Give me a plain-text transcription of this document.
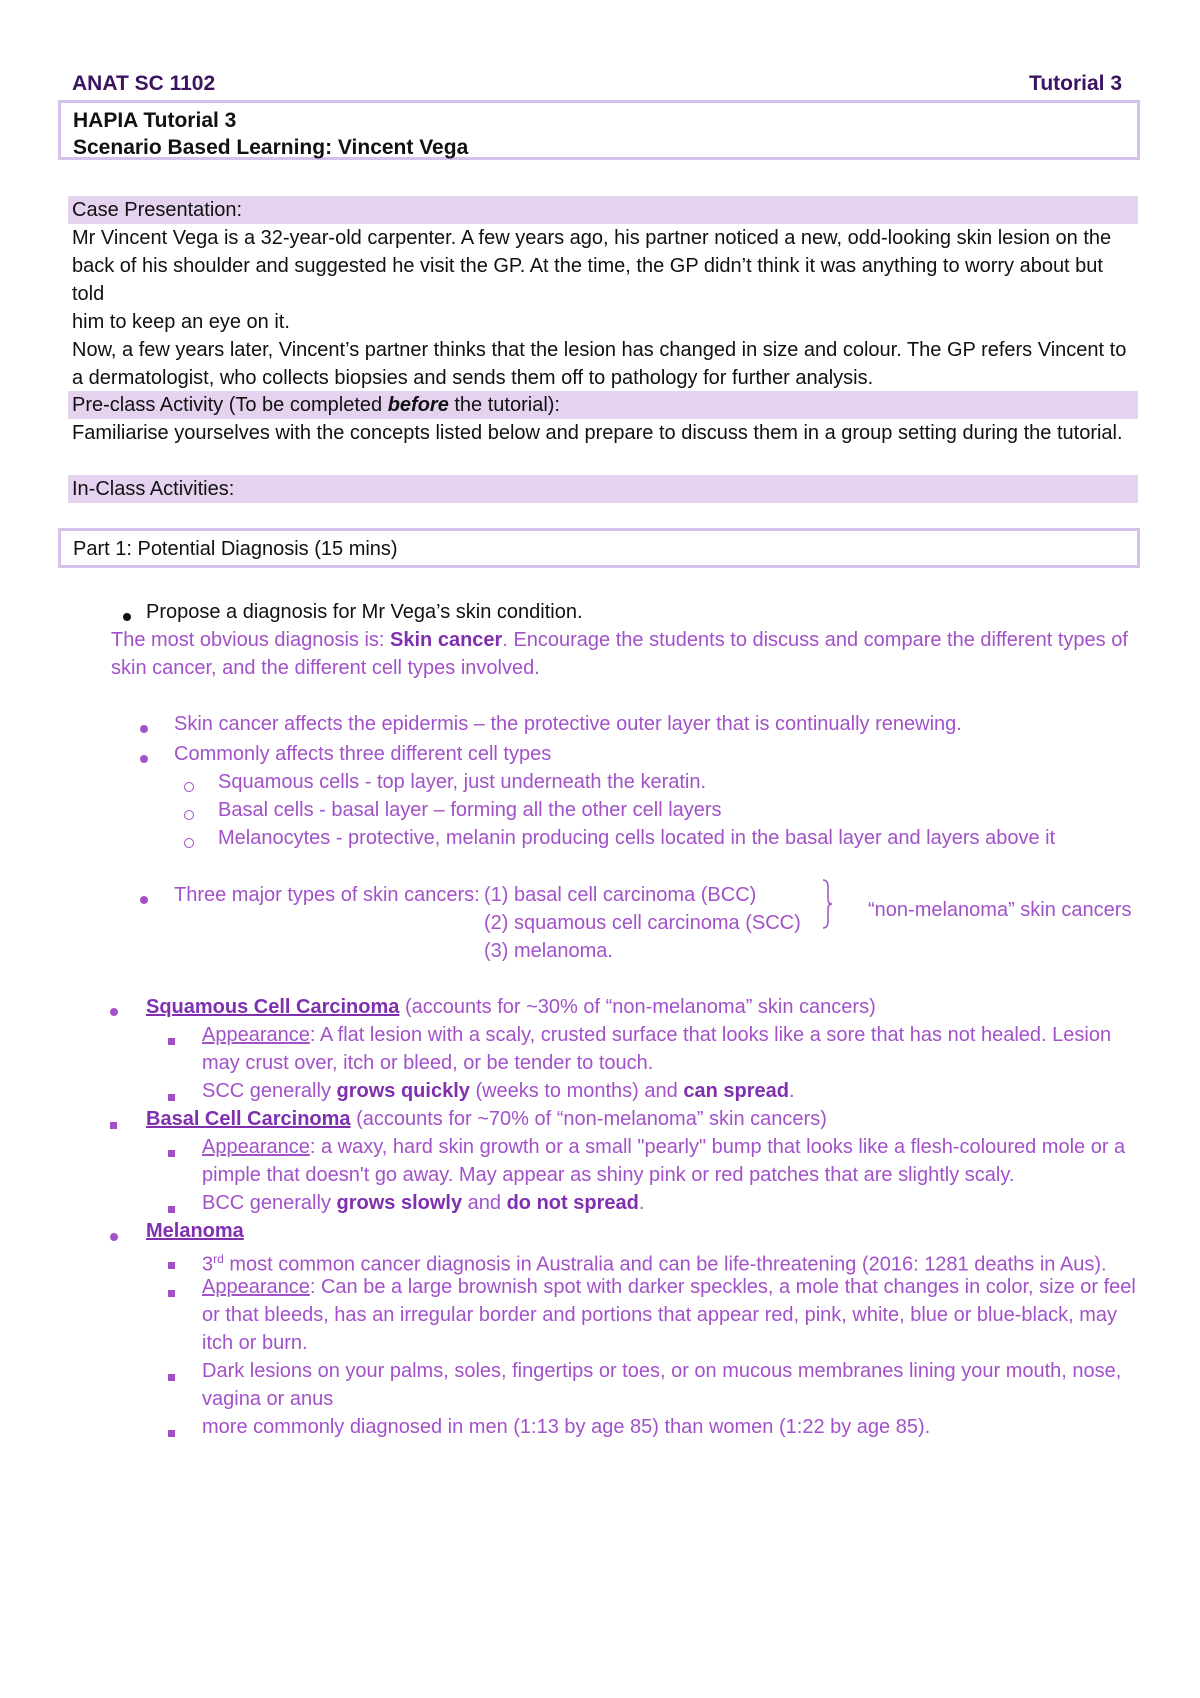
ANAT SC 1102	Tutorial 3
HAPIA Tutorial 3
Scenario Based Learning: Vincent Vega
Case Presentation:
Mr Vincent Vega is a 32-year-old carpenter. A few years ago, his partner noticed a new, odd-looking skin lesion on the
back of his shoulder and suggested he visit the GP. At the time, the GP didn’t think it was anything to worry about but told
him to keep an eye on it.
Now, a few years later, Vincent’s partner thinks that the lesion has changed in size and colour. The GP refers Vincent to
a dermatologist, who collects biopsies and sends them off to pathology for further analysis.
Pre-class Activity (To be completed before the tutorial):
Familiarise yourselves with the concepts listed below and prepare to discuss them in a group setting during the tutorial.
In-Class Activities:
Part 1: Potential Diagnosis (15 mins)
Propose a diagnosis for Mr Vega’s skin condition.
The most obvious diagnosis is: Skin cancer. Encourage the students to discuss and compare the different types of
skin cancer, and the different cell types involved.
Skin cancer affects the epidermis – the protective outer layer that is continually renewing.
Commonly affects three different cell types
Squamous cells - top layer, just underneath the keratin.
Basal cells - basal layer – forming all the other cell layers
Melanocytes - protective, melanin producing cells located in the basal layer and layers above it
Three major types of skin cancers: (1) basal cell carcinoma (BCC)
(2) squamous cell carcinoma (SCC)
(3) melanoma.
“non-melanoma” skin cancers
Squamous Cell Carcinoma (accounts for ~30% of “non-melanoma” skin cancers)
Appearance: A flat lesion with a scaly, crusted surface that looks like a sore that has not healed. Lesion
may crust over, itch or bleed, or be tender to touch.
SCC generally grows quickly (weeks to months) and can spread.
Basal Cell Carcinoma (accounts for ~70% of “non-melanoma” skin cancers)
Appearance: a waxy, hard skin growth or a small "pearly" bump that looks like a flesh-coloured mole or a
pimple that doesn't go away. May appear as shiny pink or red patches that are slightly scaly.
BCC generally grows slowly and do not spread.
Melanoma
3rd most common cancer diagnosis in Australia and can be life-threatening (2016: 1281 deaths in Aus).
Appearance: Can be a large brownish spot with darker speckles, a mole that changes in color, size or feel
or that bleeds, has an irregular border and portions that appear red, pink, white, blue or blue-black, may
itch or burn.
Dark lesions on your palms, soles, fingertips or toes, or on mucous membranes lining your mouth, nose,
vagina or anus
more commonly diagnosed in men (1:13 by age 85) than women (1:22 by age 85).
